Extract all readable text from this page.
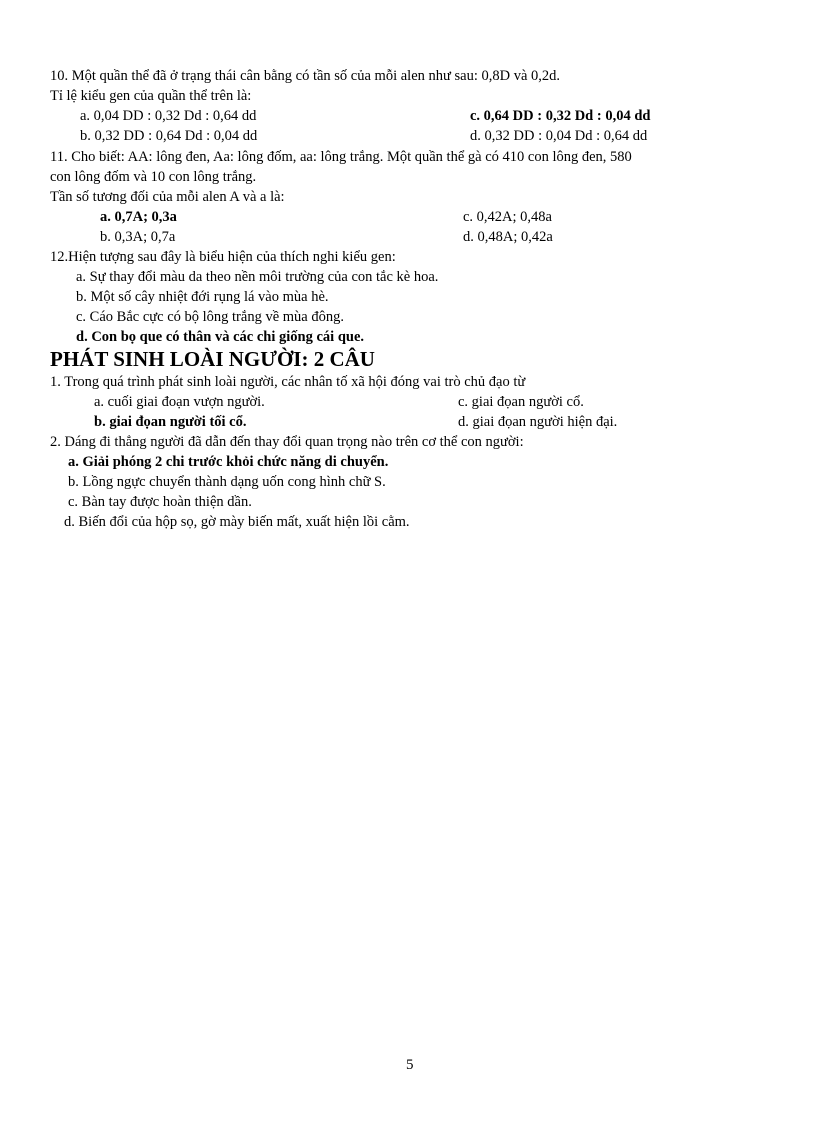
10. Một quần thể đã ở trạng thái cân bằng có tần số của mỗi alen như sau: 0,8D và 0,2d.
Tỉ lệ kiểu gen của quần thể trên là:
a. 0,04 DD : 0,32 Dd : 0,64 dd	c. 0,64 DD : 0,32 Dd : 0,04 dd
b. 0,32 DD : 0,64 Dd : 0,04 dd	d. 0,32 DD : 0,04 Dd : 0,64 dd
11. Cho biết: AA: lông đen, Aa: lông đốm, aa: lông trắng. Một quần thể gà có 410 con lông đen, 580
con lông đốm và 10 con lông trắng.
Tần số tương đối của mỗi alen A và a là:
a. 0,7A; 0,3a	c. 0,42A; 0,48a
b. 0,3A; 0,7a	d. 0,48A; 0,42a
12.Hiện tượng sau đây là biểu hiện của thích nghi kiểu gen:
a. Sự thay đổi màu da theo nền môi trường của con tắc kè hoa.
b. Một số cây nhiệt đới rụng lá vào mùa hè.
c. Cáo Bắc cực có bộ lông trắng về mùa đông.
d. Con bọ que có thân và các chi giống cái que.
PHÁT SINH LOÀI NGƯỜI: 2 CÂU
1. Trong quá trình phát sinh loài người, các nhân tố xã hội đóng vai trò chủ đạo từ
a. cuối giai đoạn vượn người.	c. giai đọan người cổ.
b. giai đọan người tối cổ.	d. giai đọan người hiện đại.
2. Dáng đi thẳng người đã dẫn đến thay đổi quan trọng nào trên cơ thể con người:
a. Giải phóng 2 chi trước khỏi chức năng di chuyển.
b. Lồng ngực chuyển thành dạng uốn cong hình chữ S.
c. Bàn tay được hoàn thiện dần.
d. Biến đổi của hộp sọ, gờ mày biến mất, xuất hiện lồi cằm.
5
